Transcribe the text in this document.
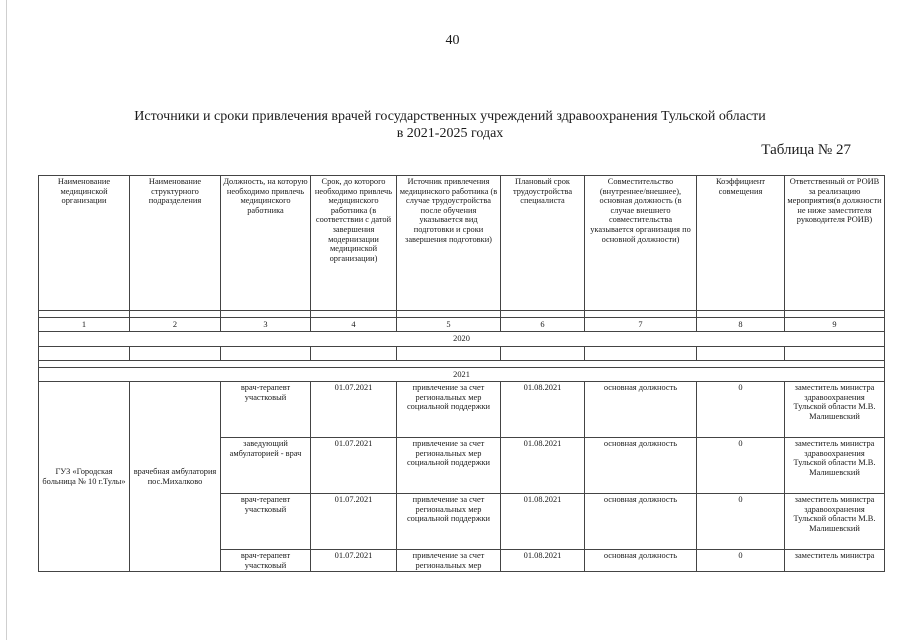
40
Источники и сроки привлечения врачей государственных учреждений здравоохранения Тульской области
в 2021-2025 годах
Таблица № 27
Наименование медицинской организации	Наименование структурного подразделения	Должность, на которую необходимо привлечь медицинского работника	Срок, до которого необходимо привлечь медицинского работника (в соответствии с датой завершения модернизации медицинской организации)	Источник привлечения медицинского работника (в случае трудоустройства после обучения указывается вид подготовки и сроки завершения подготовки)	Плановый срок трудоустройства специалиста	Совместительство (внутреннее/внешнее), основная должность (в случае внешнего совместительства указывается организация по основной должности)	Коэффициент совмещения	Ответственный от РОИВ за реализацию мероприятия(в должности не ниже заместителя руководителя РОИВ)

1	2	3	4	5	6	7	8	9
2020								

2021								
ГУЗ «Городская больница № 10 г.Тулы»	врачебная амбулатория пос.Михалково	врач-терапевт участковый	01.07.2021	привлечение за счет региональных мер социальной поддержки	01.08.2021	основная должность	0	заместитель министра здравоохранения Тульской области М.В. Малишевский
		заведующий амбулаторией - врач	01.07.2021	привлечение за счет региональных мер социальной поддержки	01.08.2021	основная должность	0	заместитель министра здравоохранения Тульской области М.В. Малишевский
		врач-терапевт участковый	01.07.2021	привлечение за счет региональных мер социальной поддержки	01.08.2021	основная должность	0	заместитель министра здравоохранения Тульской области М.В. Малишевский
		врач-терапевт участковый	01.07.2021	привлечение за счет региональных мер	01.08.2021	основная должность	0	заместитель министра
